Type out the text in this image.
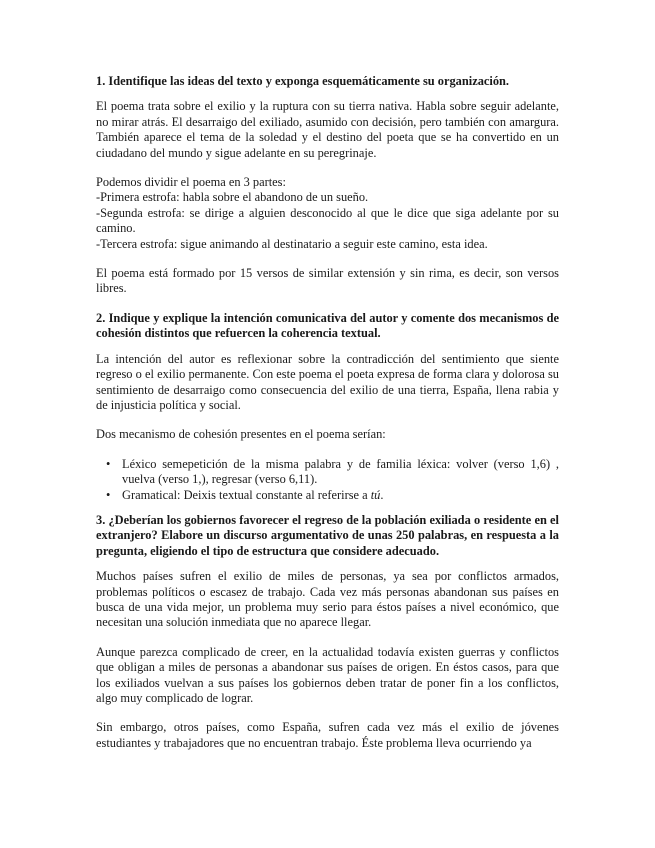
1. Identifique las ideas del texto y exponga esquemáticamente su organización.

El poema trata sobre el exilio y la ruptura con su tierra nativa. Habla sobre seguir adelante, no mirar atrás. El desarraigo del exiliado, asumido con decisión, pero también con amargura. También aparece el tema de la soledad y el destino del poeta que se ha convertido en un ciudadano del mundo y sigue adelante en su peregrinaje.

Podemos dividir el poema en 3 partes:

-Primera estrofa: habla sobre el abandono de un sueño.

-Segunda estrofa: se dirige a alguien desconocido al que le dice que siga adelante por su camino.

-Tercera estrofa: sigue animando al destinatario a seguir este camino, esta idea.

El poema está formado por 15 versos de similar extensión y sin rima, es decir, son versos libres.

2. Indique y explique la intención comunicativa del autor y comente dos mecanismos de cohesión distintos que refuercen la coherencia textual.

La intención del autor es reflexionar sobre la contradicción del sentimiento que siente regreso o el exilio permanente. Con este poema el poeta expresa de forma clara y dolorosa su sentimiento de desarraigo como consecuencia del exilio de una tierra, España, llena rabia y de injusticia política y social.

Dos mecanismo de cohesión presentes en el poema serían:

• Léxico semepetición de la misma palabra y de familia léxica: volver (verso 1,6) , vuelva (verso 1,), regresar (verso 6,11).
• Gramatical: Deixis textual constante al referirse a tú.
3. ¿Deberían los gobiernos favorecer el regreso de la población exiliada o residente en el extranjero? Elabore un discurso argumentativo de unas 250 palabras, en respuesta a la pregunta, eligiendo el tipo de estructura que considere adecuado.

Muchos países sufren el exilio de miles de personas, ya sea por conflictos armados, problemas políticos o escasez de trabajo. Cada vez más personas abandonan sus países en busca de una vida mejor, un problema muy serio para éstos países a nivel económico, que necesitan una solución inmediata que no aparece llegar.

Aunque parezca complicado de creer, en la actualidad todavía existen guerras y conflictos que obligan a miles de personas a abandonar sus países de origen. En éstos casos, para que los exiliados vuelvan a sus países los gobiernos deben tratar de poner fin a los conflictos, algo muy complicado de lograr.

Sin embargo, otros países, como España, sufren cada vez más el exilio de jóvenes estudiantes y trabajadores que no encuentran trabajo. Éste problema lleva ocurriendo ya
